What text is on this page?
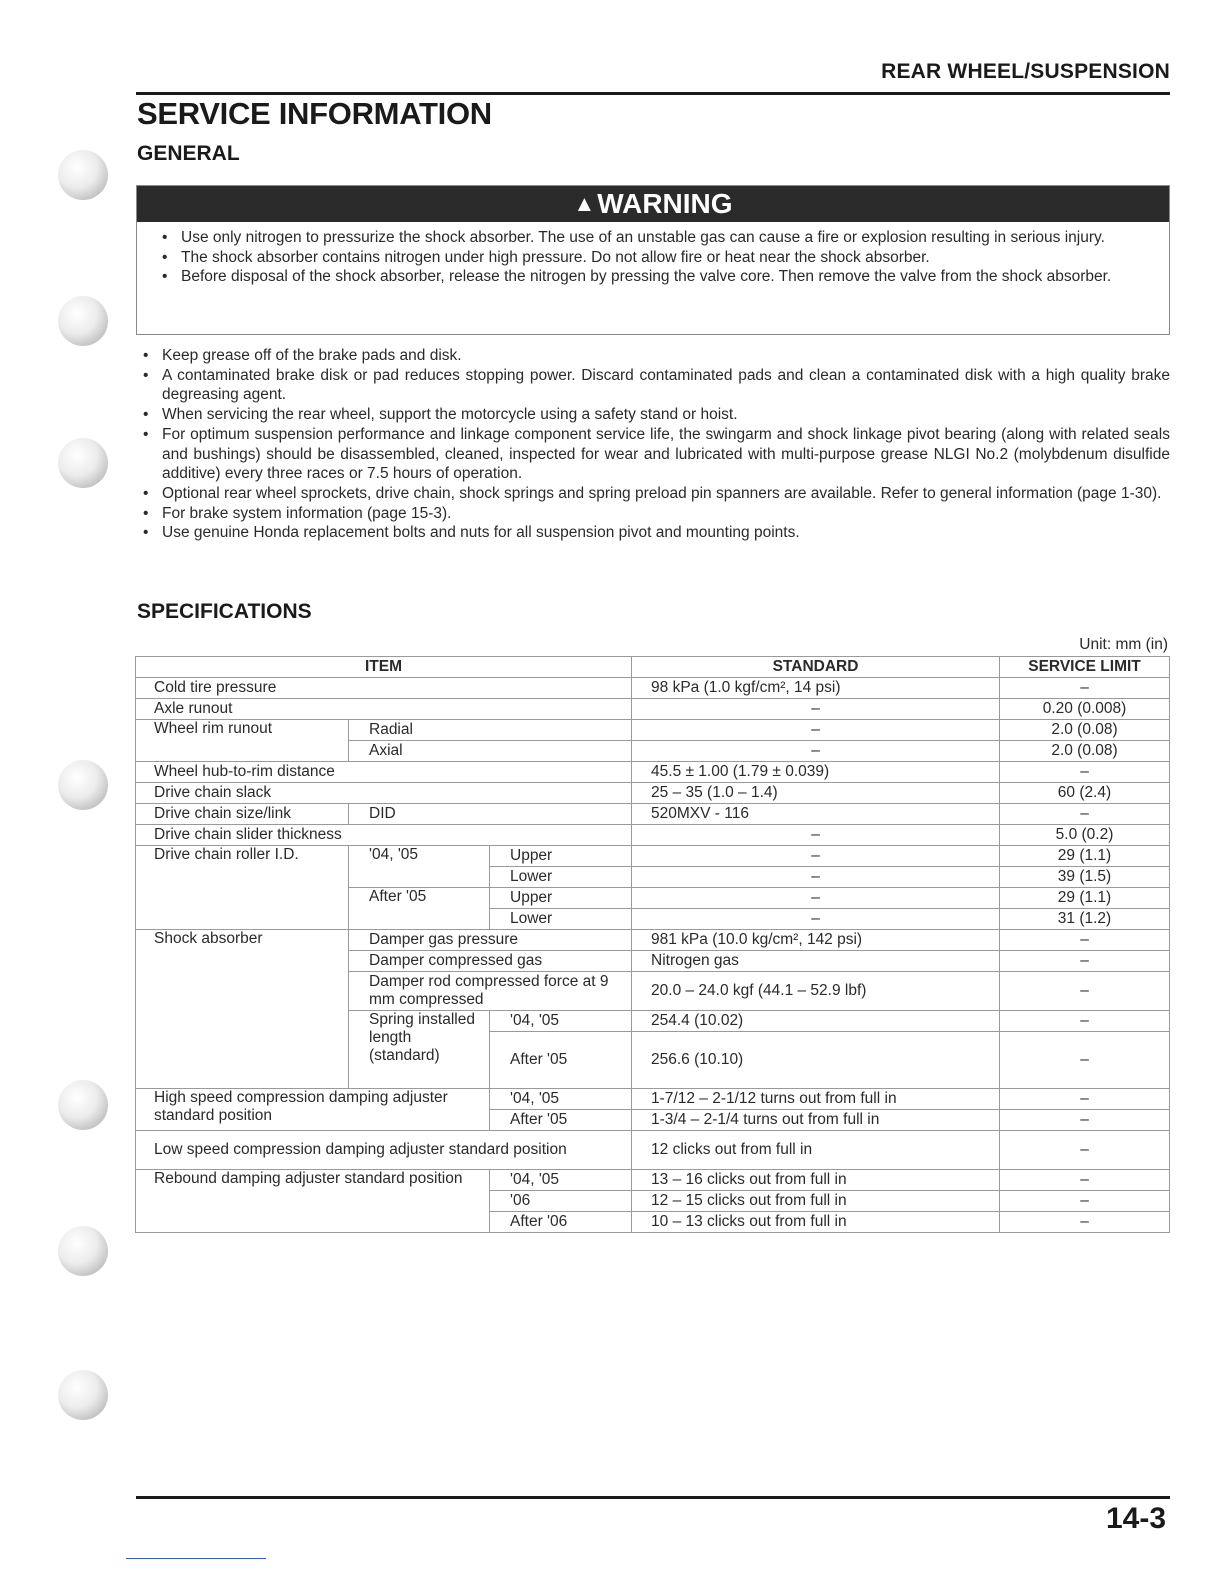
REAR WHEEL/SUSPENSION
SERVICE INFORMATION
GENERAL
▲WARNING
• Use only nitrogen to pressurize the shock absorber. The use of an unstable gas can cause a fire or explosion resulting in serious injury.
• The shock absorber contains nitrogen under high pressure. Do not allow fire or heat near the shock absorber.
• Before disposal of the shock absorber, release the nitrogen by pressing the valve core. Then remove the valve from the shock absorber.
• Keep grease off of the brake pads and disk.
• A contaminated brake disk or pad reduces stopping power. Discard contaminated pads and clean a contaminated disk with a high quality brake degreasing agent.
• When servicing the rear wheel, support the motorcycle using a safety stand or hoist.
• For optimum suspension performance and linkage component service life, the swingarm and shock linkage pivot bearing (along with related seals and bushings) should be disassembled, cleaned, inspected for wear and lubricated with multi-purpose grease NLGI No.2 (molybdenum disulfide additive) every three races or 7.5 hours of operation.
• Optional rear wheel sprockets, drive chain, shock springs and spring preload pin spanners are available. Refer to general information (page 1-30).
• For brake system information (page 15-3).
• Use genuine Honda replacement bolts and nuts for all suspension pivot and mounting points.
SPECIFICATIONS
Unit: mm (in)
ITEM			STANDARD	SERVICE LIMIT
Cold tire pressure			98 kPa (1.0 kgf/cm², 14 psi)	–
Axle runout			–	0.20 (0.008)
Wheel rim runout	Radial		–	2.0 (0.08)
	Axial		–	2.0 (0.08)
Wheel hub-to-rim distance			45.5 ± 1.00 (1.79 ± 0.039)	–
Drive chain slack			25 – 35 (1.0 – 1.4)	60 (2.4)
Drive chain size/link	DID		520MXV - 116	–
Drive chain slider thickness			–	5.0 (0.2)
Drive chain roller I.D.	'04, '05	Upper	–	29 (1.1)
		Lower	–	39 (1.5)
	After '05	Upper	–	29 (1.1)
		Lower	–	31 (1.2)
Shock absorber	Damper gas pressure		981 kPa (10.0 kg/cm², 142 psi)	–
	Damper compressed gas		Nitrogen gas	–
	Damper rod compressed force at 9 mm compressed		20.0 – 24.0 kgf (44.1 – 52.9 lbf)	–
	Spring installed length (standard)	'04, '05	254.4 (10.02)	–
		After '05	256.6 (10.10)	–
High speed compression damping adjuster standard position		'04, '05	1-7/12 – 2-1/12 turns out from full in	–
		After '05	1-3/4 – 2-1/4 turns out from full in	–
Low speed compression damping adjuster standard position			12 clicks out from full in	–
Rebound damping adjuster standard position		'04, '05	13 – 16 clicks out from full in	–
		'06	12 – 15 clicks out from full in	–
		After '06	10 – 13 clicks out from full in	–
14-3
